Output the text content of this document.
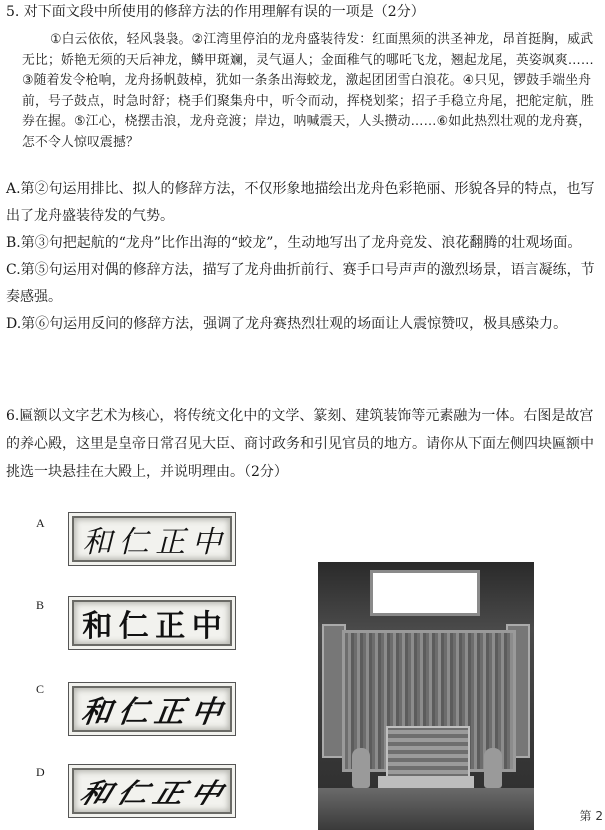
5. 对下面文段中所使用的修辞方法的作用理解有误的一项是（2分）
①白云依依，轻风袅袅。②江湾里停泊的龙舟盛装待发：红面黑须的洪圣神龙，昂首挺胸，威武无比；娇艳无须的天后神龙，鳞甲斑斓，灵气逼人；金面稚气的哪吒飞龙，翘起龙尾，英姿飒爽……③随着发令枪响，龙舟扬帆鼓棹，犹如一条条出海蛟龙，激起团团雪白浪花。④只见，锣鼓手端坐舟前，号子鼓点，时急时舒；桡手们聚集舟中，听令而动，挥桡划桨；招子手稳立舟尾，把舵定航，胜券在握。⑤江心，桡摆击浪，龙舟竞渡；岸边，呐喊震天，人头攒动……⑥如此热烈壮观的龙舟赛，怎不令人惊叹震撼？

A.第②句运用排比、拟人的修辞方法，不仅形象地描绘出龙舟色彩艳丽、形貌各异的特点，也写出了龙舟盛装待发的气势。

B.第③句把起航的“龙舟”比作出海的“蛟龙”，生动地写出了龙舟竞发、浪花翻腾的壮观场面。

C.第⑤句运用对偶的修辞方法，描写了龙舟曲折前行、赛手口号声声的激烈场景，语言凝练，节奏感强。

D.第⑥句运用反问的修辞方法，强调了龙舟赛热烈壮观的场面让人震惊赞叹，极具感染力。

6.匾额以文字艺术为核心，将传统文化中的文学、篆刻、建筑装饰等元素融为一体。右图是故宫的养心殿，这里是皇帝日常召见大臣、商讨政务和引见官员的地方。请你从下面左侧四块匾额中挑选一块悬挂在大殿上，并说明理由。（2分）
A
和 仁 正 中
B
和 仁 正 中
C
和 仁 正 中
D
和
仁
正
中
第 2
